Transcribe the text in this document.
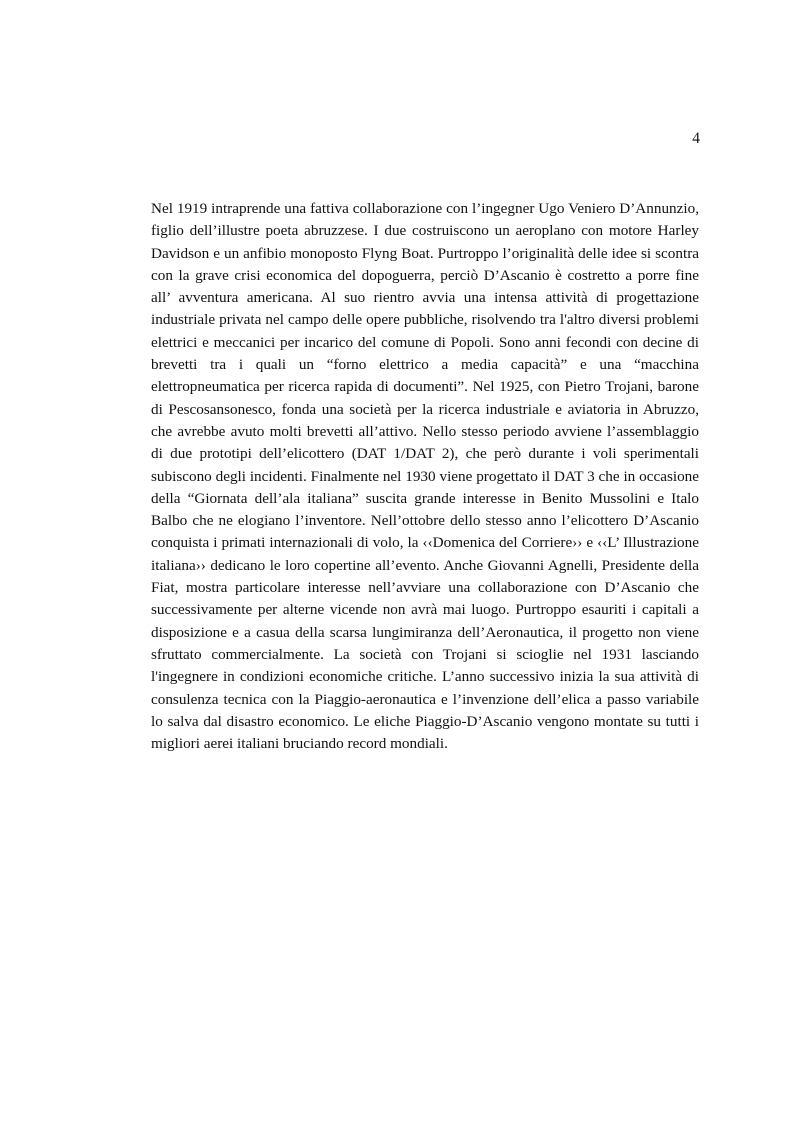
4

Nel 1919 intraprende una fattiva collaborazione con l’ingegner Ugo Veniero D’Annunzio, figlio dell’illustre poeta abruzzese. I due costruiscono un aeroplano con motore Harley Davidson e un anfibio monoposto Flyng Boat. Purtroppo l’originalità delle idee si scontra con la grave crisi economica del dopoguerra, perciò D’Ascanio è costretto a porre fine all’ avventura americana. Al suo rientro avvia una intensa attività di progettazione industriale privata nel campo delle opere pubbliche, risolvendo tra l'altro diversi problemi elettrici e meccanici per incarico del comune di Popoli. Sono anni fecondi con decine di brevetti tra i quali un “forno elettrico a media capacità” e una “macchina elettropneumatica per ricerca rapida di documenti”. Nel 1925, con Pietro Trojani, barone di Pescosansonesco, fonda una società per la ricerca industriale e aviatoria in Abruzzo, che avrebbe avuto molti brevetti all’attivo. Nello stesso periodo avviene l’assemblaggio di due prototipi dell’elicottero (DAT 1/DAT 2), che però durante i voli sperimentali subiscono degli incidenti. Finalmente nel 1930 viene progettato il DAT 3 che in occasione della “Giornata dell’ala italiana” suscita grande interesse in Benito Mussolini e Italo Balbo che ne elogiano l’inventore. Nell’ottobre dello stesso anno l’elicottero D’Ascanio conquista i primati internazionali di volo, la ‹‹Domenica del Corriere›› e ‹‹L’ Illustrazione italiana›› dedicano le loro copertine all’evento. Anche Giovanni Agnelli, Presidente della Fiat, mostra particolare interesse nell’avviare una collaborazione con D’Ascanio che successivamente per alterne vicende non avrà mai luogo. Purtroppo esauriti i capitali a disposizione e a casua della scarsa lungimiranza dell’Aeronautica, il progetto non viene sfruttato commercialmente. La società con Trojani si scioglie nel 1931 lasciando l'ingegnere in condizioni economiche critiche. L’anno successivo inizia la sua attività di consulenza tecnica con la Piaggio-aeronautica e l’invenzione dell’elica a passo variabile lo salva dal disastro economico. Le eliche Piaggio-D’Ascanio vengono montate su tutti i migliori aerei italiani bruciando record mondiali.
